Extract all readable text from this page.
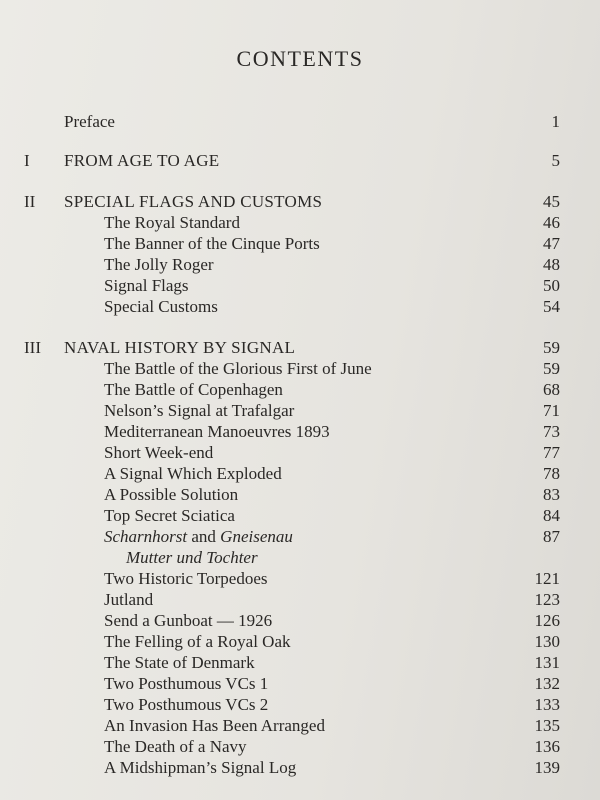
CONTENTS
Preface	1
I FROM AGE TO AGE	5
II SPECIAL FLAGS AND CUSTOMS	45
The Royal Standard	46
The Banner of the Cinque Ports	47
The Jolly Roger	48
Signal Flags	50
Special Customs	54
III NAVAL HISTORY BY SIGNAL	59
The Battle of the Glorious First of June	59
The Battle of Copenhagen	68
Nelson’s Signal at Trafalgar	71
Mediterranean Manoeuvres 1893	73
Short Week-end	77
A Signal Which Exploded	78
A Possible Solution	83
Top Secret Sciatica	84
Scharnhorst and Gneisenau	87
Mutter und Tochter
Two Historic Torpedoes	121
Jutland	123
Send a Gunboat — 1926	126
The Felling of a Royal Oak	130
The State of Denmark	131
Two Posthumous VCs 1	132
Two Posthumous VCs 2	133
An Invasion Has Been Arranged	135
The Death of a Navy	136
A Midshipman’s Signal Log	139
